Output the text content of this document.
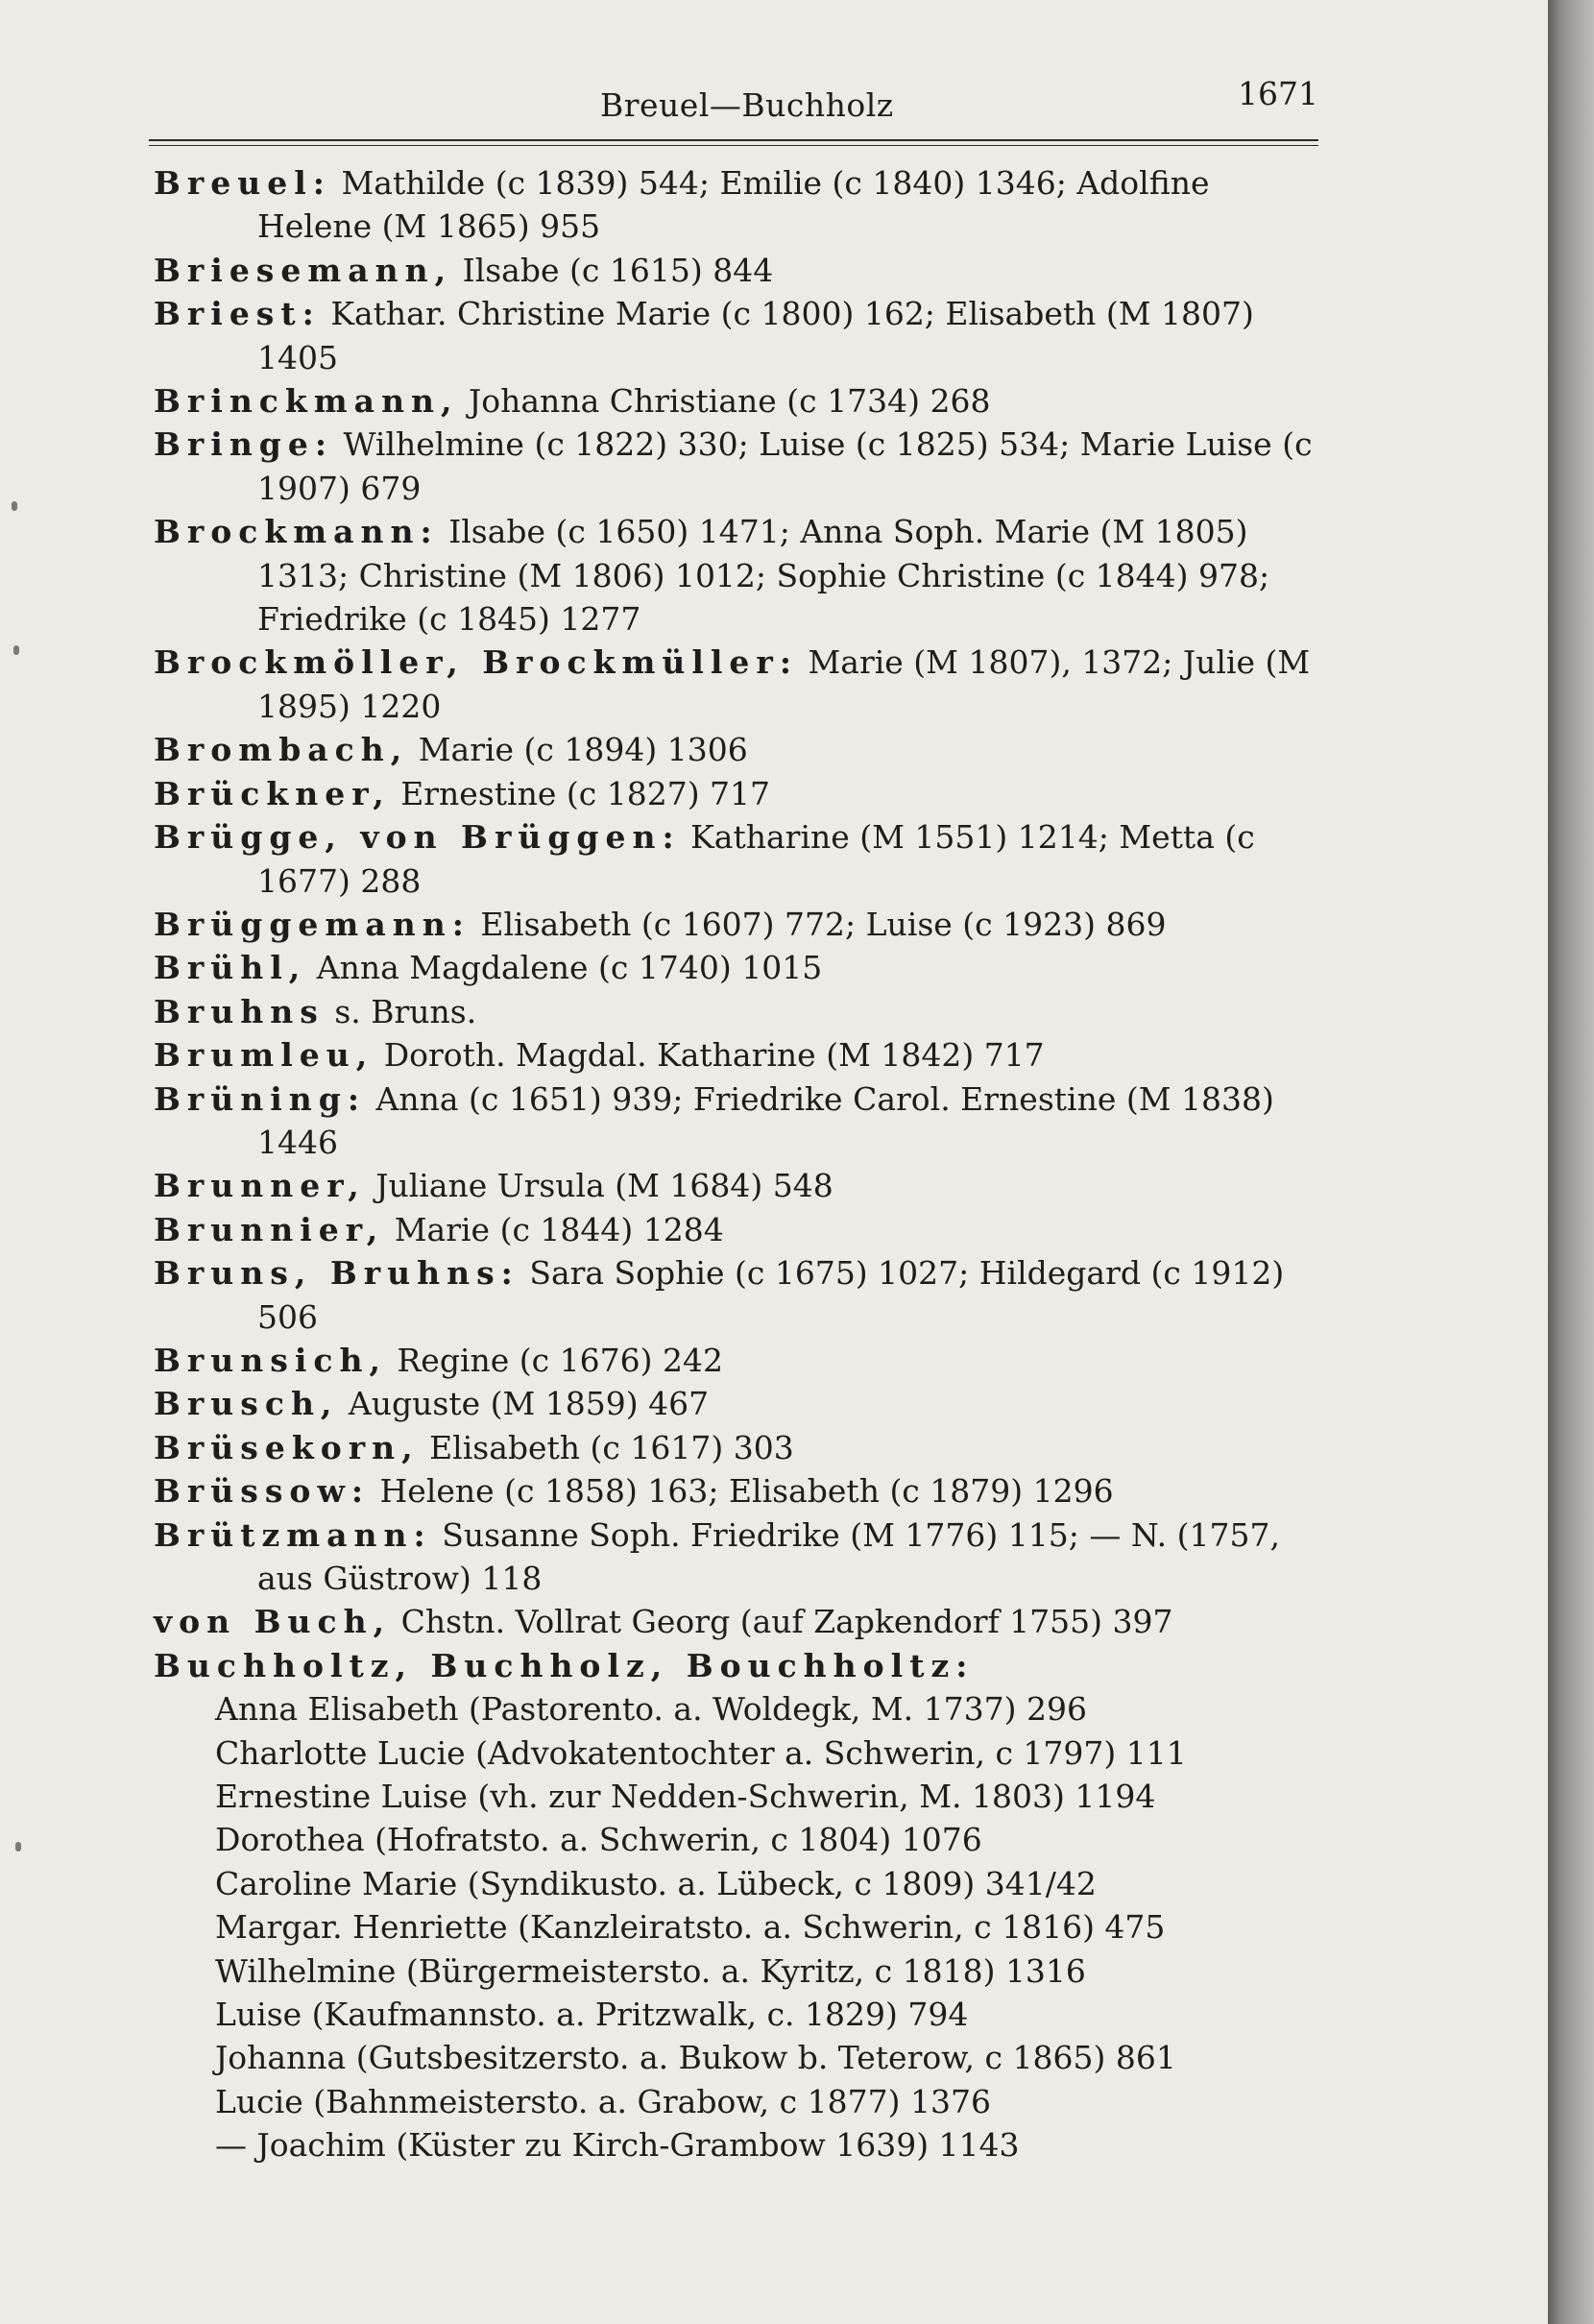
Breuel—Buchholz	1671

Breuel: Mathilde (c 1839) 544; Emilie (c 1840) 1346; Adolfine Helene (M 1865) 955

Briesemann, Ilsabe (c 1615) 844

Briest: Kathar. Christine Marie (c 1800) 162; Elisabeth (M 1807) 1405

Brinckmann, Johanna Christiane (c 1734) 268

Bringe: Wilhelmine (c 1822) 330; Luise (c 1825) 534; Marie Luise (c 1907) 679

Brockmann: Ilsabe (c 1650) 1471; Anna Soph. Marie (M 1805) 1313; Christine (M 1806) 1012; Sophie Christine (c 1844) 978; Friedrike (c 1845) 1277

Brockmöller, Brockmüller: Marie (M 1807), 1372; Julie (M 1895) 1220

Brombach, Marie (c 1894) 1306

Brückner, Ernestine (c 1827) 717

Brügge, von Brüggen: Katharine (M 1551) 1214; Metta (c 1677) 288

Brüggemann: Elisabeth (c 1607) 772; Luise (c 1923) 869

Brühl, Anna Magdalene (c 1740) 1015

Bruhns s. Bruns.

Brumleu, Doroth. Magdal. Katharine (M 1842) 717

Brüning: Anna (c 1651) 939; Friedrike Carol. Ernestine (M 1838) 1446

Brunner, Juliane Ursula (M 1684) 548

Brunnier, Marie (c 1844) 1284

Bruns, Bruhns: Sara Sophie (c 1675) 1027; Hildegard (c 1912) 506

Brunsich, Regine (c 1676) 242

Brusch, Auguste (M 1859) 467

Brüsekorn, Elisabeth (c 1617) 303

Brüssow: Helene (c 1858) 163; Elisabeth (c 1879) 1296

Brützmann: Susanne Soph. Friedrike (M 1776) 115; — N. (1757, aus Güstrow) 118

von Buch, Chstn. Vollrat Georg (auf Zapkendorf 1755) 397

Buchholtz, Buchholz, Bouchholtz:

Anna Elisabeth (Pastorento. a. Woldegk, M. 1737) 296

Charlotte Lucie (Advokatentochter a. Schwerin, c 1797) 111

Ernestine Luise (vh. zur Nedden-Schwerin, M. 1803) 1194

Dorothea (Hofratsto. a. Schwerin, c 1804) 1076

Caroline Marie (Syndikusto. a. Lübeck, c 1809) 341/42

Margar. Henriette (Kanzleiratsto. a. Schwerin, c 1816) 475

Wilhelmine (Bürgermeistersto. a. Kyritz, c 1818) 1316

Luise (Kaufmannsto. a. Pritzwalk, c. 1829) 794

Johanna (Gutsbesitzersto. a. Bukow b. Teterow, c 1865) 861

Lucie (Bahnmeistersto. a. Grabow, c 1877) 1376

— Joachim (Küster zu Kirch-Grambow 1639) 1143
